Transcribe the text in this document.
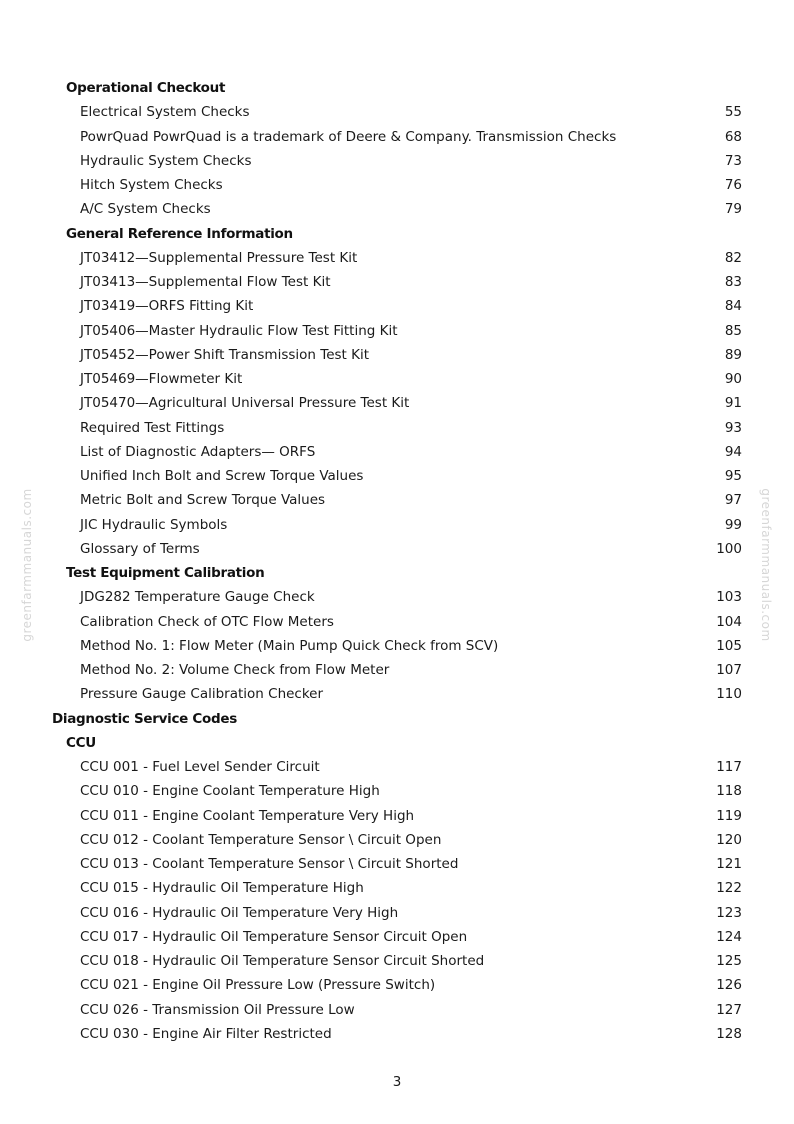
Operational Checkout
Electrical System Checks	55
PowrQuad PowrQuad is a trademark of Deere & Company. Transmission Checks	68
Hydraulic System Checks	73
Hitch System Checks	76
A/C System Checks	79
General Reference Information
JT03412—Supplemental Pressure Test Kit	82
JT03413—Supplemental Flow Test Kit	83
JT03419—ORFS Fitting Kit	84
JT05406—Master Hydraulic Flow Test Fitting Kit	85
JT05452—Power Shift Transmission Test Kit	89
JT05469—Flowmeter Kit	90
JT05470—Agricultural Universal Pressure Test Kit	91
Required Test Fittings	93
List of Diagnostic Adapters— ORFS	94
Unified Inch Bolt and Screw Torque Values	95
Metric Bolt and Screw Torque Values	97
JIC Hydraulic Symbols	99
Glossary of Terms	100
Test Equipment Calibration
JDG282 Temperature Gauge Check	103
Calibration Check of OTC Flow Meters	104
Method No. 1: Flow Meter (Main Pump Quick Check from SCV)	105
Method No. 2: Volume Check from Flow Meter	107
Pressure Gauge Calibration Checker	110
Diagnostic Service Codes
CCU
CCU 001 - Fuel Level Sender Circuit	117
CCU 010 - Engine Coolant Temperature High	118
CCU 011 - Engine Coolant Temperature Very High	119
CCU 012 - Coolant Temperature Sensor \ Circuit Open	120
CCU 013 - Coolant Temperature Sensor \ Circuit Shorted	121
CCU 015 - Hydraulic Oil Temperature High	122
CCU 016 - Hydraulic Oil Temperature Very High	123
CCU 017 - Hydraulic Oil Temperature Sensor Circuit Open	124
CCU 018 - Hydraulic Oil Temperature Sensor Circuit Shorted	125
CCU 021 - Engine Oil Pressure Low (Pressure Switch)	126
CCU 026 - Transmission Oil Pressure Low	127
CCU 030 - Engine Air Filter Restricted	128
greenfarmmanuals.com	greenfarmmanuals.com
3
